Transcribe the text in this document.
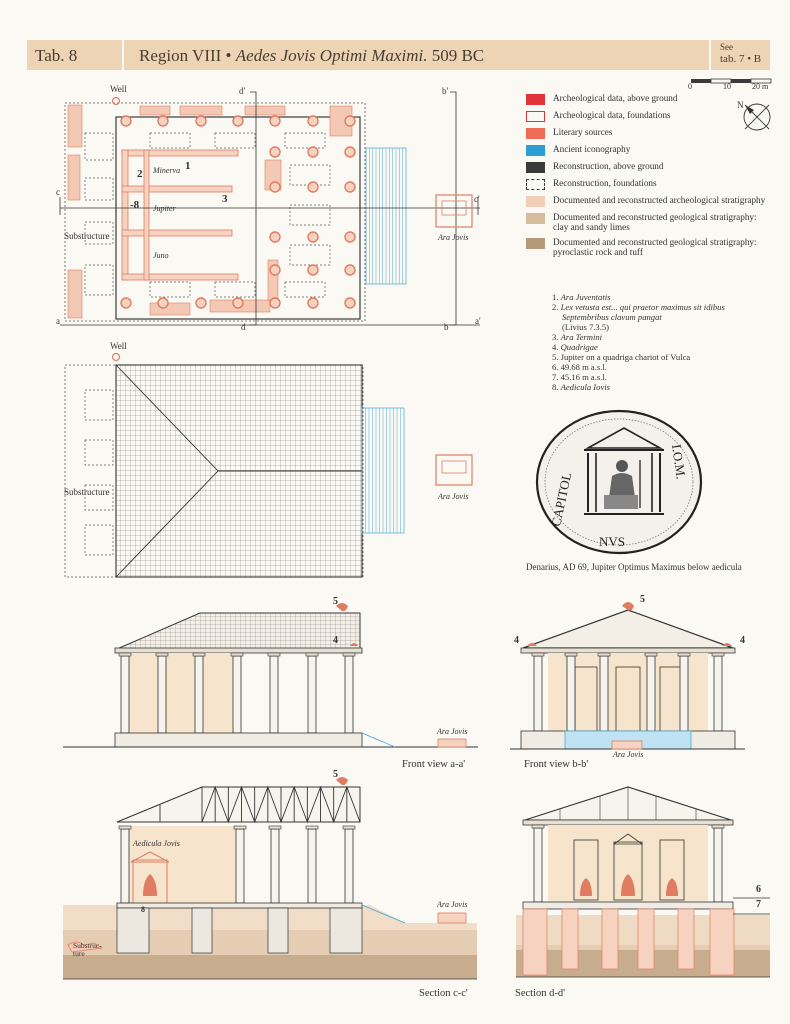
Tab. 8	Region VIII • Aedes Jovis Optimi Maximi. 509 BC	See
tab. 7 • B
0	10	20 m
N
Archeological data, above ground
Archeological data, foundations
Literary sources
Ancient iconography
Reconstruction, above ground
Reconstruction, foundations
Documented and reconstructed archeological stratigraphy
Documented and reconstructed geological stratigraphy: clay and sandy limes
Documented and reconstructed geological stratigraphy: pyroclastic rock and tuff
1. Ara Juventatis
2. Lex vetusta est... qui praetor maximus sit idibus Septembribus clavum pangat
(Livius 7.3.5)
3. Ara Termini
4. Quadrigae
5. Jupiter on a quadriga chariot of Vulca
6. 49.68 m a.s.l.
7. 45.16 m a.s.l.
8. Aedicula Iovis
CAPITOL
I.O.M.
NVS
Denarius, AD 69, Jupiter Optimus Maximus below aedicula
Well
Substructure	Ara Jovis
Minerva
Jupiter
Juno
1
2
3
-8
a	a'
b
b'
c
c'
d
d'
Well
Substructure	Ara Jovis
5
4
Ara Jovis
Front view a-a'
5
4	4
Ara Jovis
Front view b-b'
5
Aedicula Jovis
8
Ara Jovis
Substruc-ture
Section c-c'
6
7
Section d-d'
